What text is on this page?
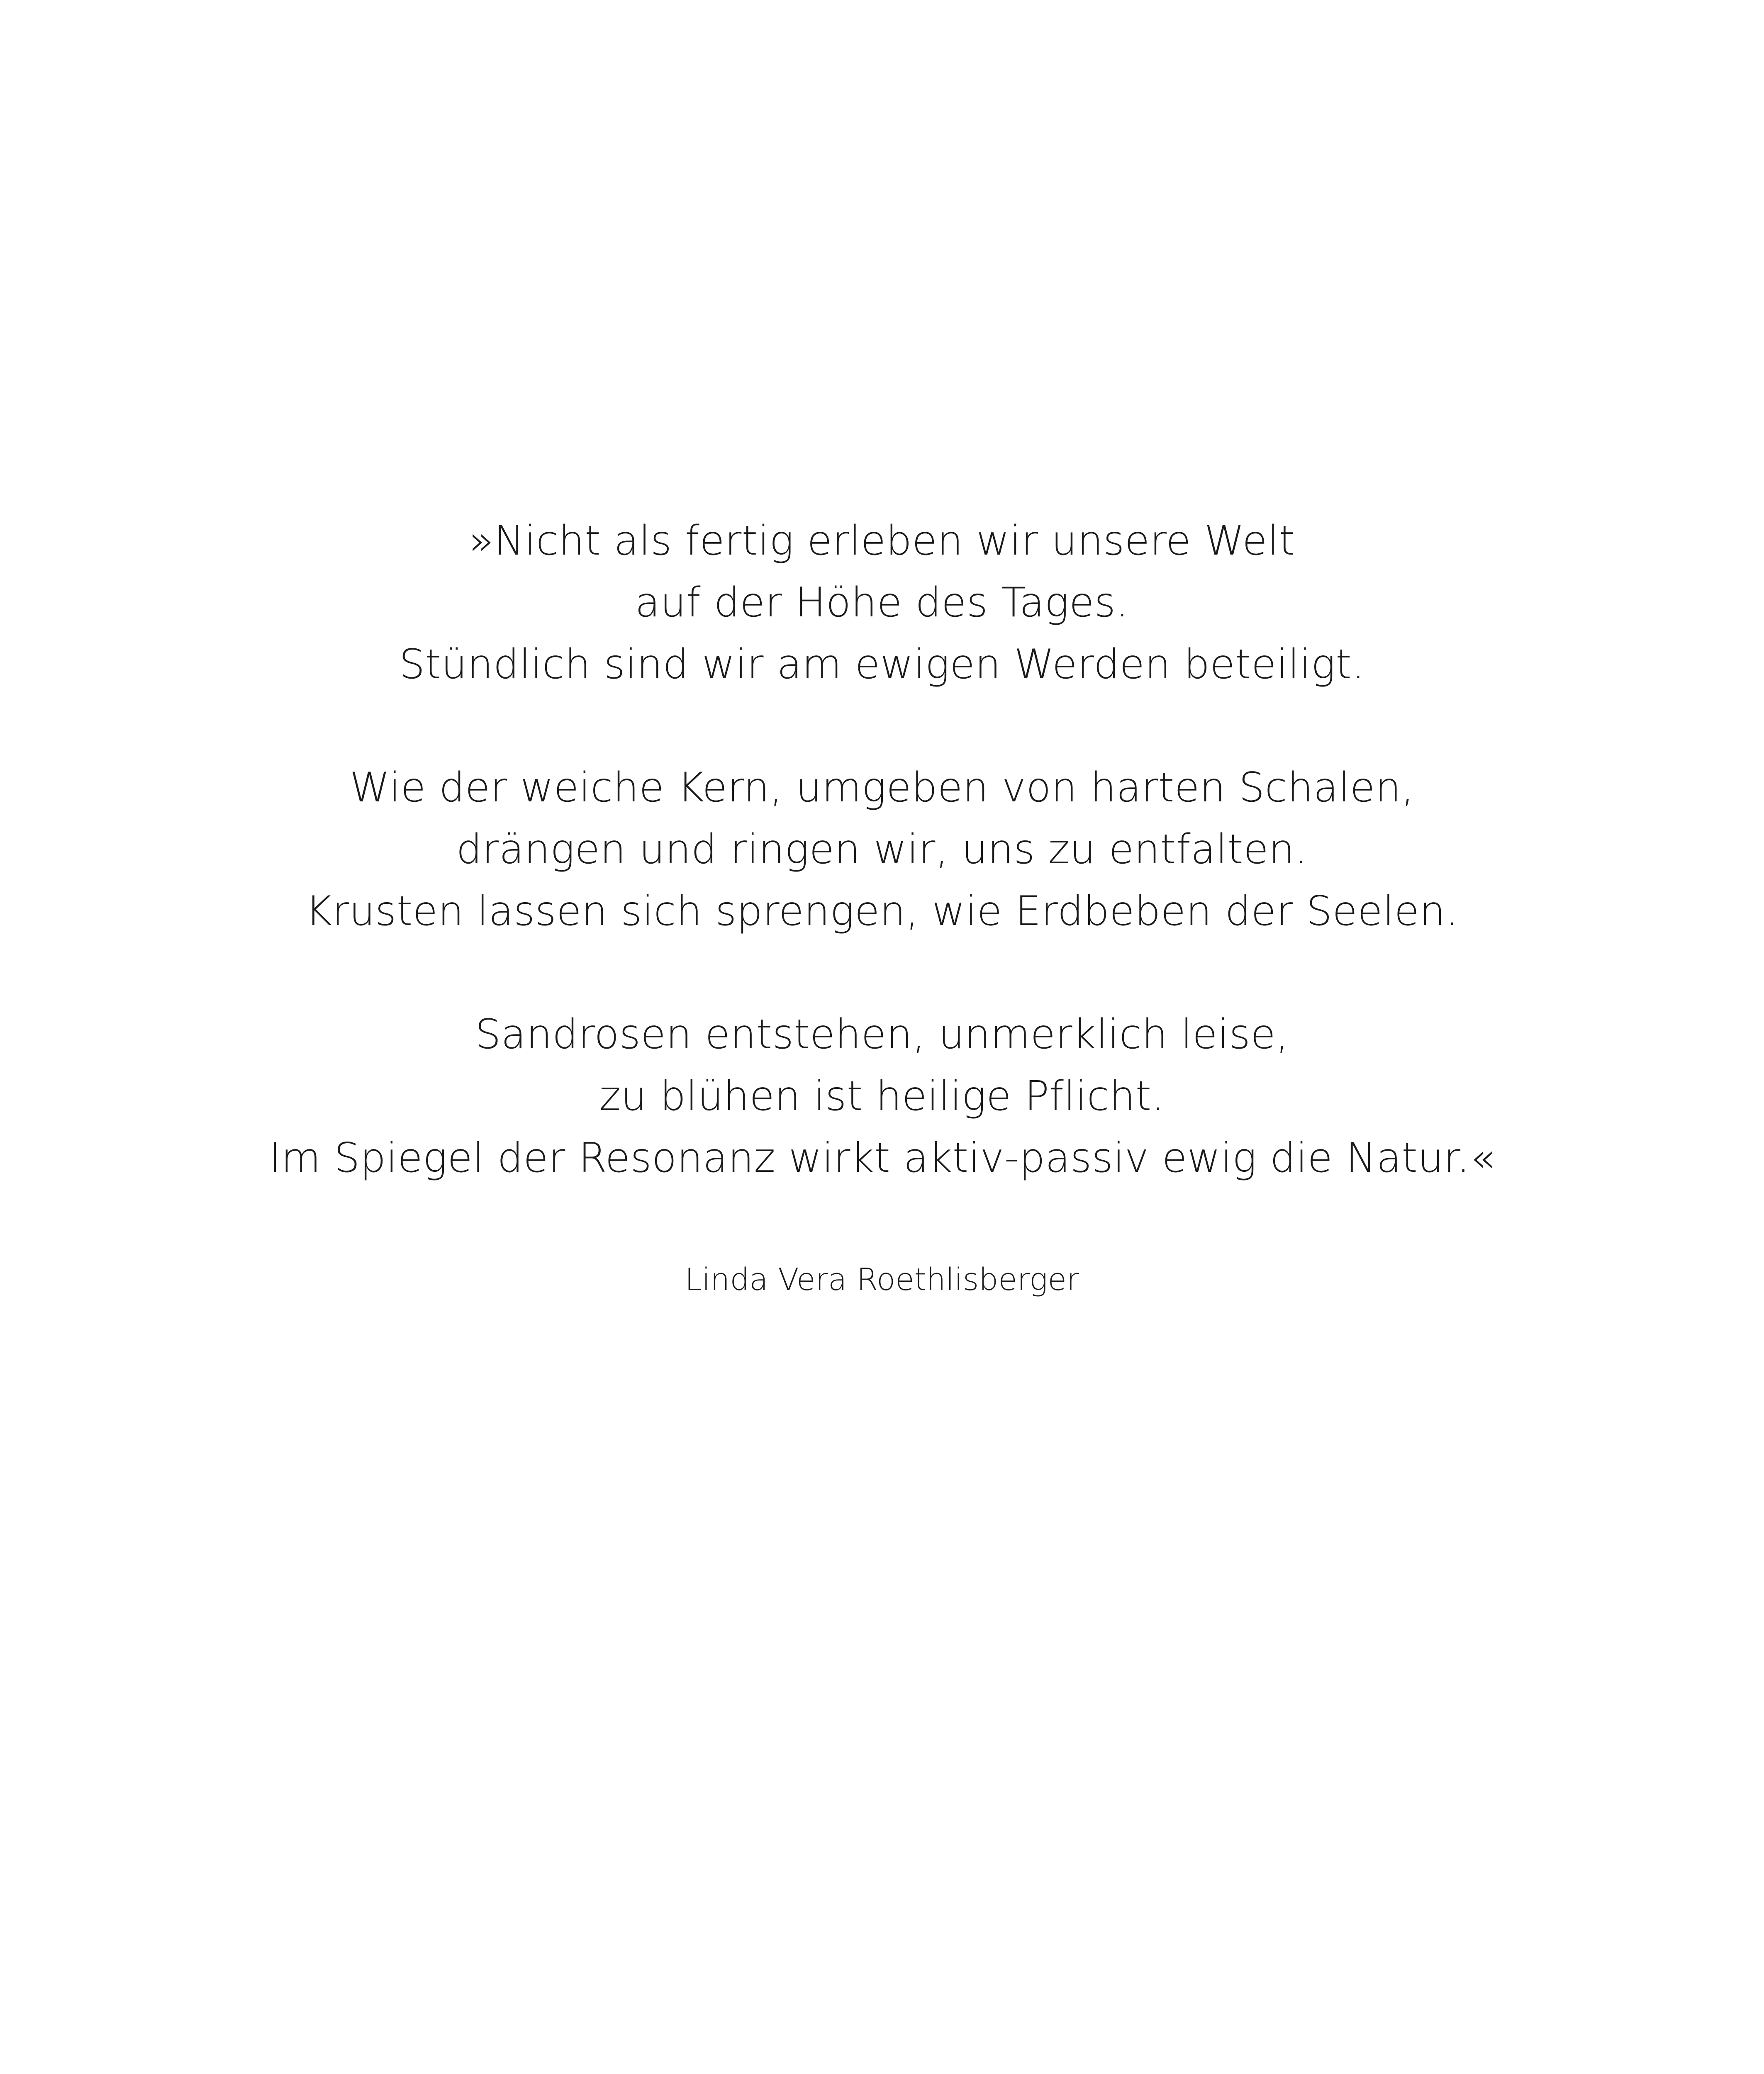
»Nicht als fertig erleben wir unsere Welt
auf der Höhe des Tages.
Stündlich sind wir am ewigen Werden beteiligt.
Wie der weiche Kern, umgeben von harten Schalen,
drängen und ringen wir, uns zu entfalten.
Krusten lassen sich sprengen, wie Erdbeben der Seelen.
Sandrosen entstehen, unmerklich leise,
zu blühen ist heilige Pflicht.
Im Spiegel der Resonanz wirkt aktiv-passiv ewig die Natur.«
Linda Vera Roethlisberger
